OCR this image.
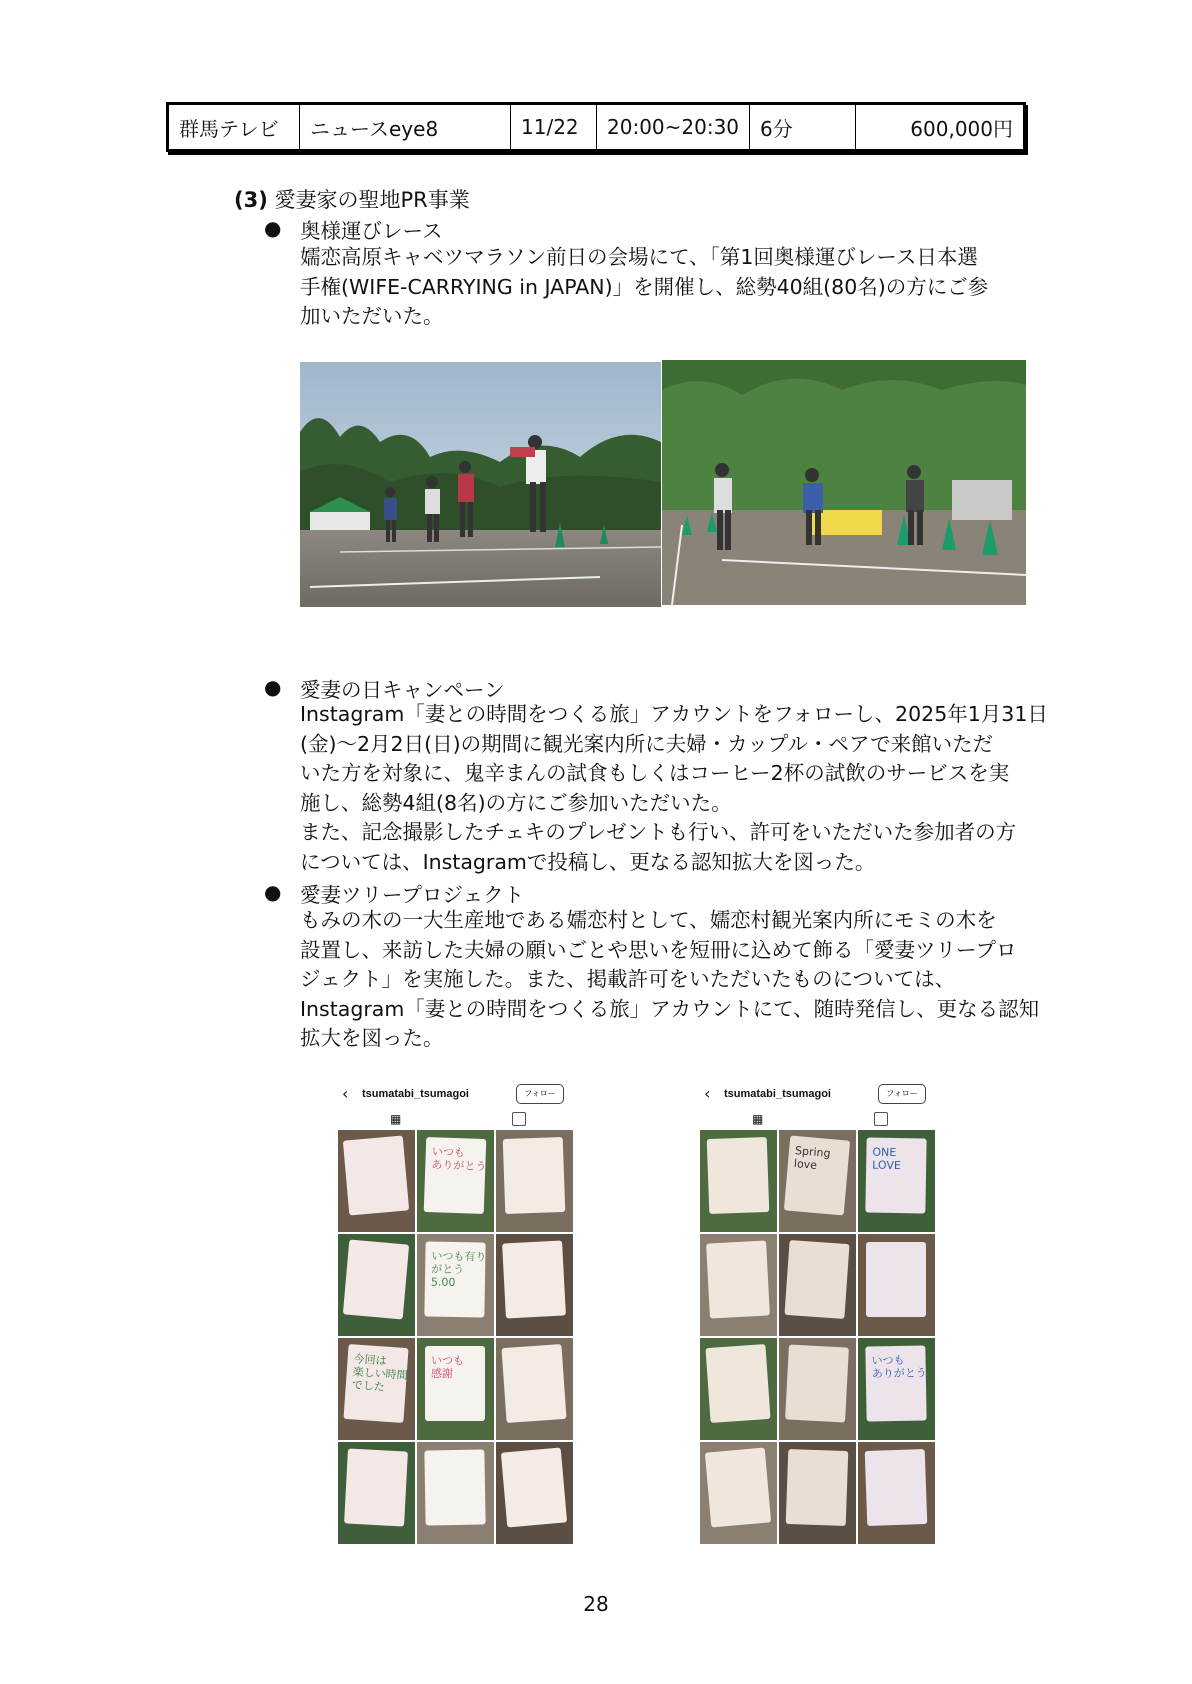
群馬テレビ	ニュースeye8	11/22	20:00~20:30	6分	600,000円
(3) 愛妻家の聖地PR事業
● 奥様運びレース
嬬恋高原キャベツマラソン前日の会場にて、「第1回奥様運びレース日本選
手権(WIFE-CARRYING in JAPAN)」を開催し、総勢40組(80名)の方にご参
加いただいた。
● 愛妻の日キャンペーン
Instagram「妻との時間をつくる旅」アカウントをフォローし、2025年1月31日
(金)～2月2日(日)の期間に観光案内所に夫婦・カップル・ペアで来館いただ
いた方を対象に、鬼辛まんの試食もしくはコーヒー2杯の試飲のサービスを実
施し、総勢4組(8名)の方にご参加いただいた。
また、記念撮影したチェキのプレゼントも行い、許可をいただいた参加者の方
については、Instagramで投稿し、更なる認知拡大を図った。
● 愛妻ツリープロジェクト
もみの木の一大生産地である嬬恋村として、嬬恋村観光案内所にモミの木を
設置し、来訪した夫婦の願いごとや思いを短冊に込めて飾る「愛妻ツリープロ
ジェクト」を実施した。また、掲載許可をいただいたものについては、
Instagram「妻との時間をつくる旅」アカウントにて、随時発信し、更なる認知
拡大を図った。
‹ tsumatabi_tsumagoi	フォロー
▦
いつも
ありがとう
いつも有り
がとう
5.00
今回は
楽しい時間
でした
いつも
感謝
‹ tsumatabi_tsumagoi	フォロー
▦
Spring
love
ONE
LOVE
いつも
ありがとう
28
